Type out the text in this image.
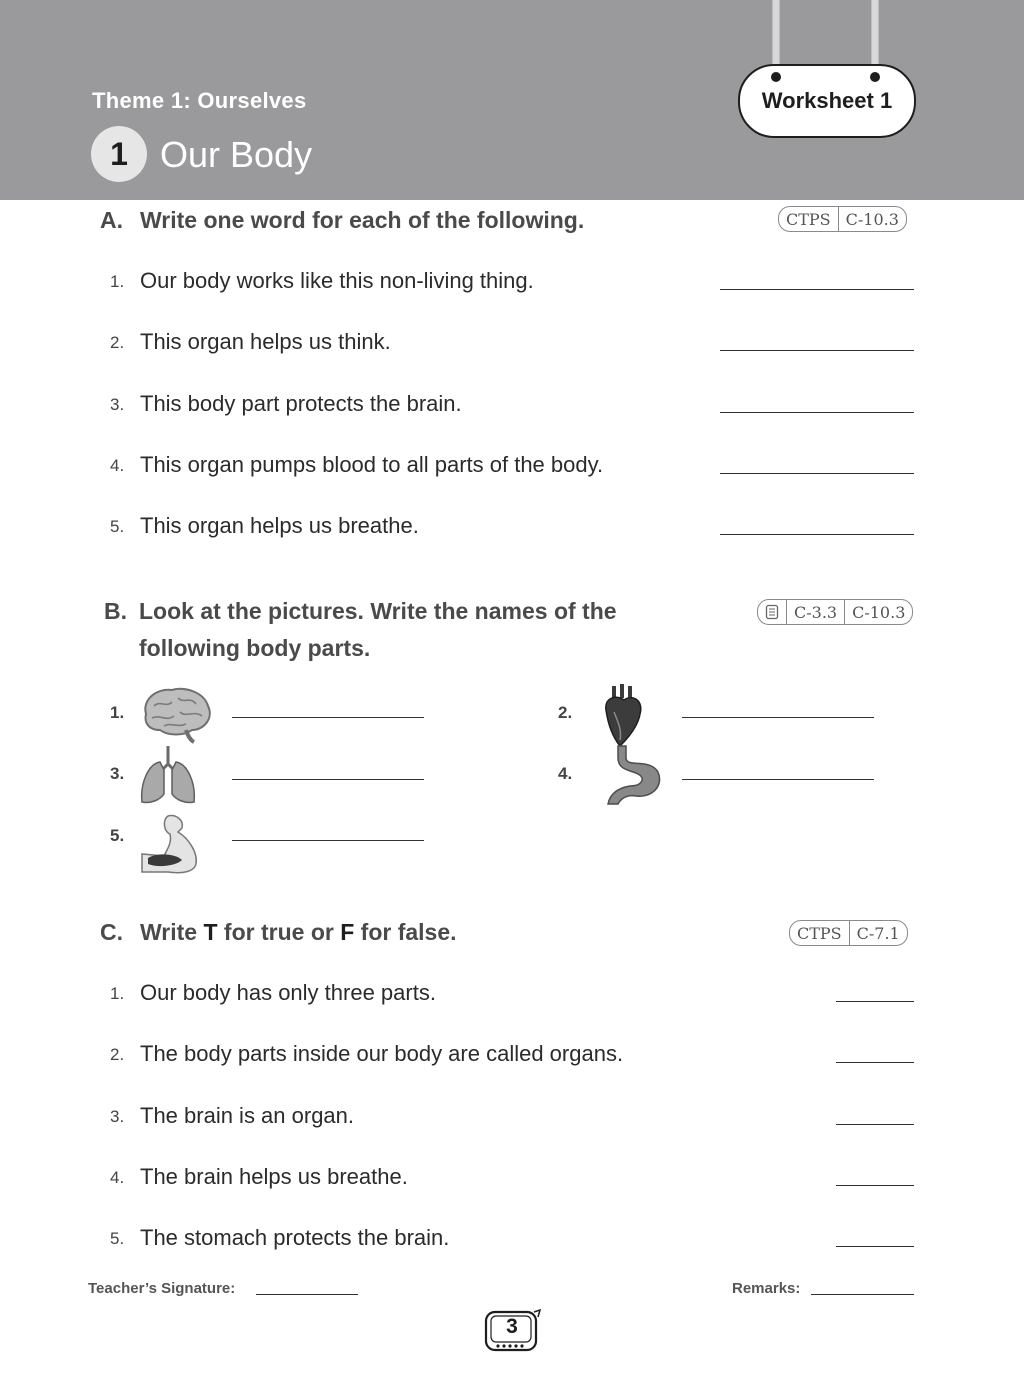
Theme 1: Ourselves
1 Our Body
Worksheet 1
A. Write one word for each of the following.	CTPS C-10.3
1. Our body works like this non-living thing.
2. This organ helps us think.
3. This body part protects the brain.
4. This organ pumps blood to all parts of the body.
5. This organ helps us breathe.
B. Look at the pictures. Write the names of the
following body parts.
C-3.3 C-10.3
1.	2.
3.	4.
5.
C. Write T for true or F for false.	CTPS C-7.1
1. Our body has only three parts.
2. The body parts inside our body are called organs.
3. The brain is an organ.
4. The brain helps us breathe.
5. The stomach protects the brain.
Teacher’s Signature:	Remarks:
3
